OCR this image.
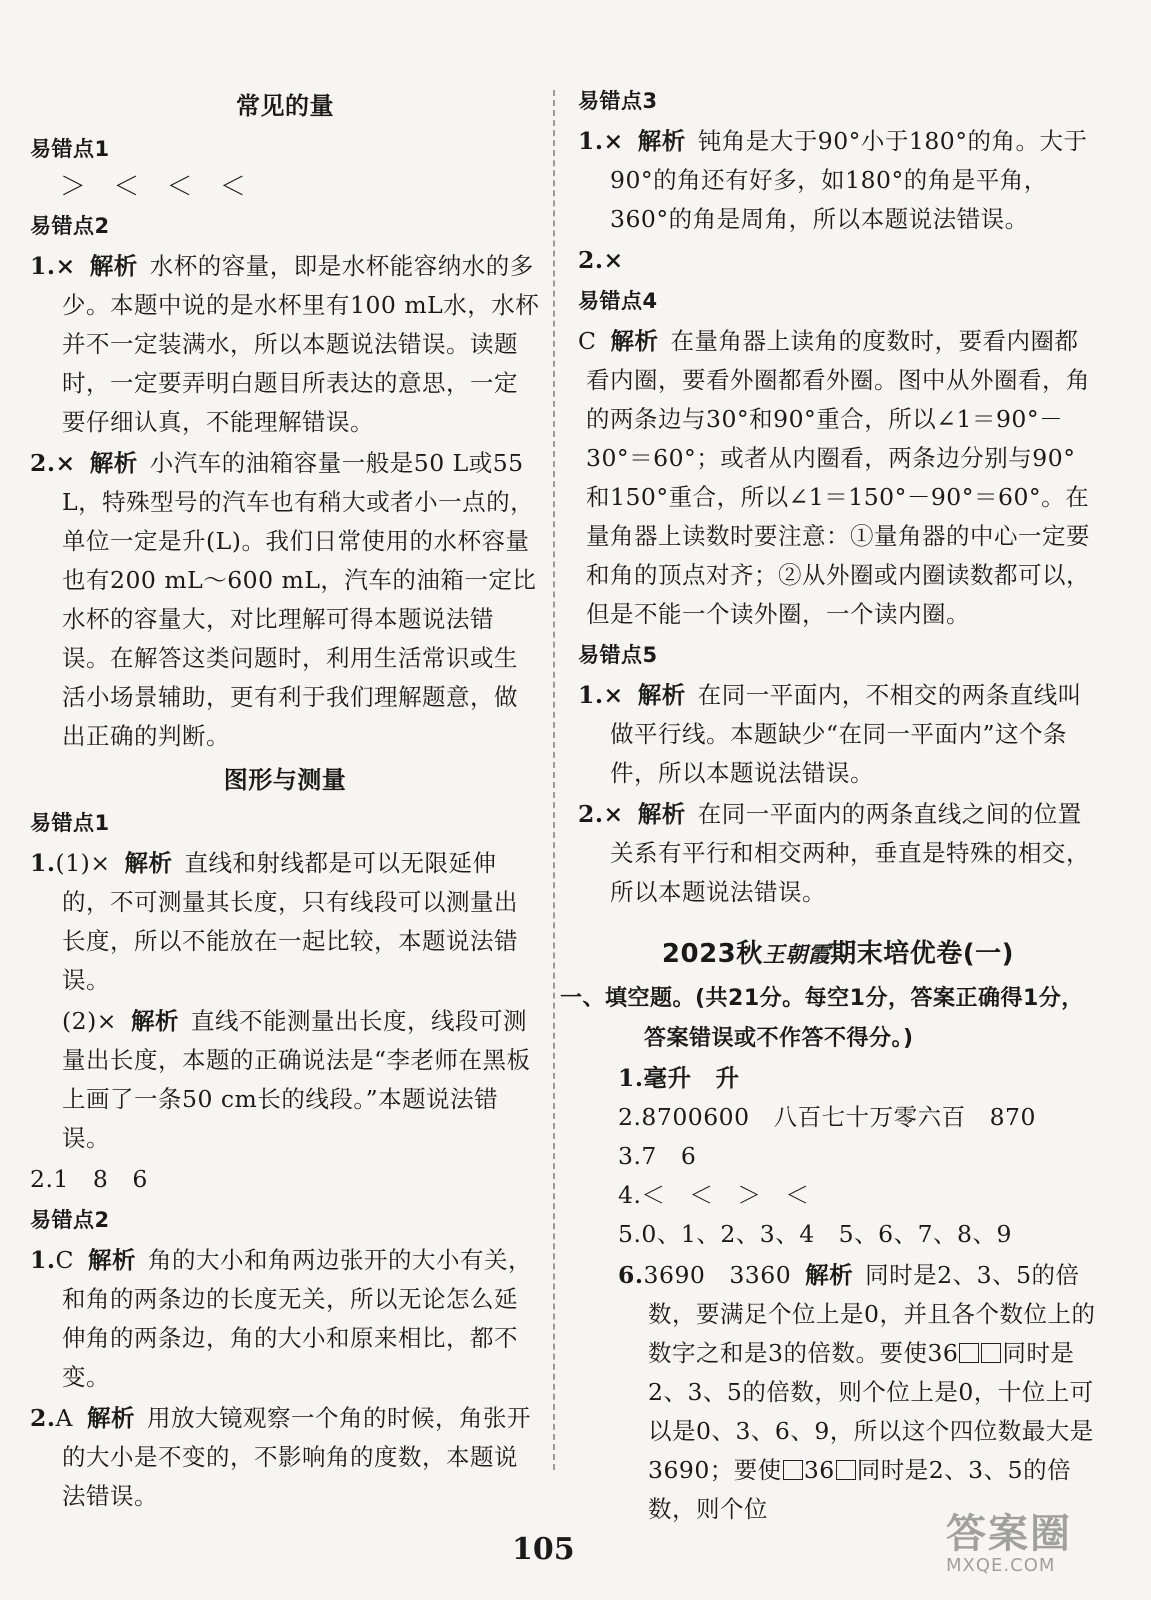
常见的量
易错点1
＞ ＜ ＜ ＜
易错点2
1.× 解析 水杯的容量，即是水杯能容纳水的多少。本题中说的是水杯里有100 mL水，水杯并不一定装满水，所以本题说法错误。读题时，一定要弄明白题目所表达的意思，一定要仔细认真，不能理解错误。
2.× 解析 小汽车的油箱容量一般是50 L或55 L，特殊型号的汽车也有稍大或者小一点的，单位一定是升(L)。我们日常使用的水杯容量也有200 mL～600 mL，汽车的油箱一定比水杯的容量大，对比理解可得本题说法错误。在解答这类问题时，利用生活常识或生活小场景辅助，更有利于我们理解题意，做出正确的判断。
图形与测量
易错点1
1.(1)× 解析 直线和射线都是可以无限延伸的，不可测量其长度，只有线段可以测量出长度，所以不能放在一起比较，本题说法错误。
(2)× 解析 直线不能测量出长度，线段可测量出长度，本题的正确说法是“李老师在黑板上画了一条50 cm长的线段。”本题说法错误。
2.1　8　6
易错点2
1.C 解析 角的大小和角两边张开的大小有关，和角的两条边的长度无关，所以无论怎么延伸角的两条边，角的大小和原来相比，都不变。
2.A 解析 用放大镜观察一个角的时候，角张开的大小是不变的，不影响角的度数，本题说法错误。
易错点3
1.× 解析 钝角是大于90°小于180°的角。大于90°的角还有好多，如180°的角是平角，360°的角是周角，所以本题说法错误。
2.×
易错点4
C 解析 在量角器上读角的度数时，要看内圈都看内圈，要看外圈都看外圈。图中从外圈看，角的两条边与30°和90°重合，所以∠1＝90°－30°＝60°；或者从内圈看，两条边分别与90°和150°重合，所以∠1＝150°－90°＝60°。在量角器上读数时要注意：①量角器的中心一定要和角的顶点对齐；②从外圈或内圈读数都可以，但是不能一个读外圈，一个读内圈。
易错点5
1.× 解析 在同一平面内，不相交的两条直线叫做平行线。本题缺少“在同一平面内”这个条件，所以本题说法错误。
2.× 解析 在同一平面内的两条直线之间的位置关系有平行和相交两种，垂直是特殊的相交，所以本题说法错误。
2023秋王朝霞期末培优卷(一)
一、填空题。(共21分。每空1分，答案正确得1分，答案错误或不作答不得分。)
1.毫升　升
2.8700600　八百七十万零六百　870
3.7　6
4.＜　＜　＞　＜
5.0、1、2、3、4　5、6、7、8、9
6.3690　3360 解析 同时是2、3、5的倍数，要满足个位上是0，并且各个数位上的数字之和是3的倍数。要使36 同时是2、3、5的倍数，则个位上是0，十位上可以是0、3、6、9，所以这个四位数最大是3690；要使 36 同时是2、3、5的倍数，则个位
105	答案圈
MXQE.COM
